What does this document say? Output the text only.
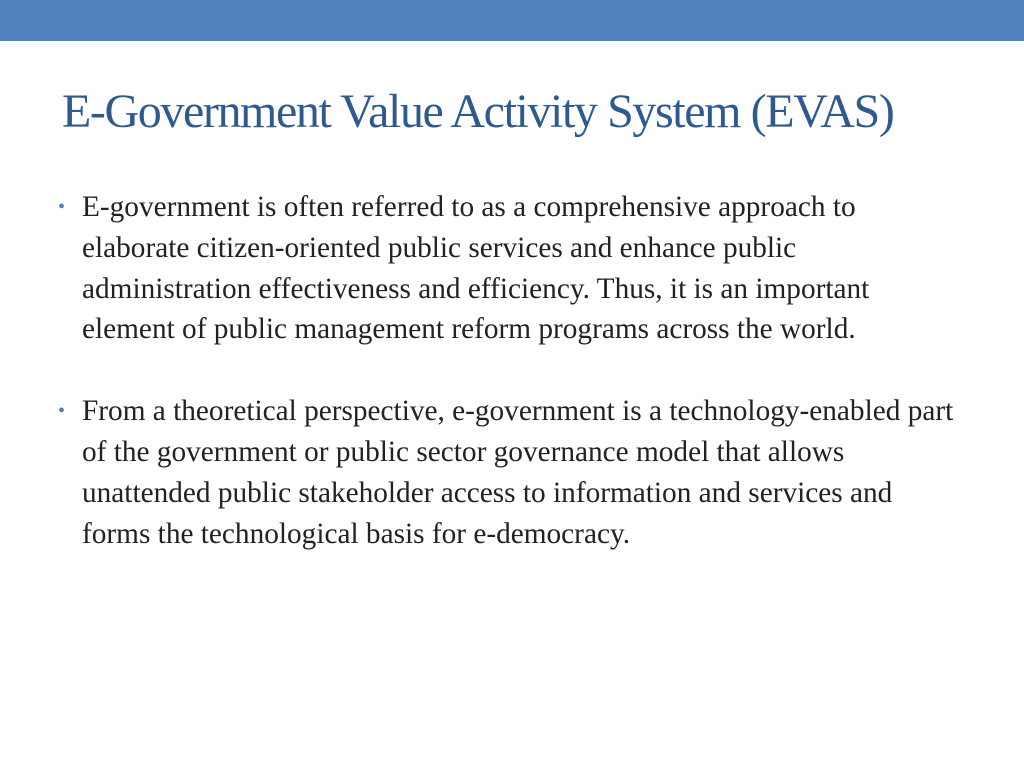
E-Government Value Activity System (EVAS)
• E-government is often referred to as a comprehensive approach to elaborate citizen-oriented public services and enhance public administration effectiveness and efficiency. Thus, it is an important element of public management reform programs across the world.
• From a theoretical perspective, e-government is a technology-enabled part of the government or public sector governance model that allows unattended public stakeholder access to information and services and forms the technological basis for e-democracy.
